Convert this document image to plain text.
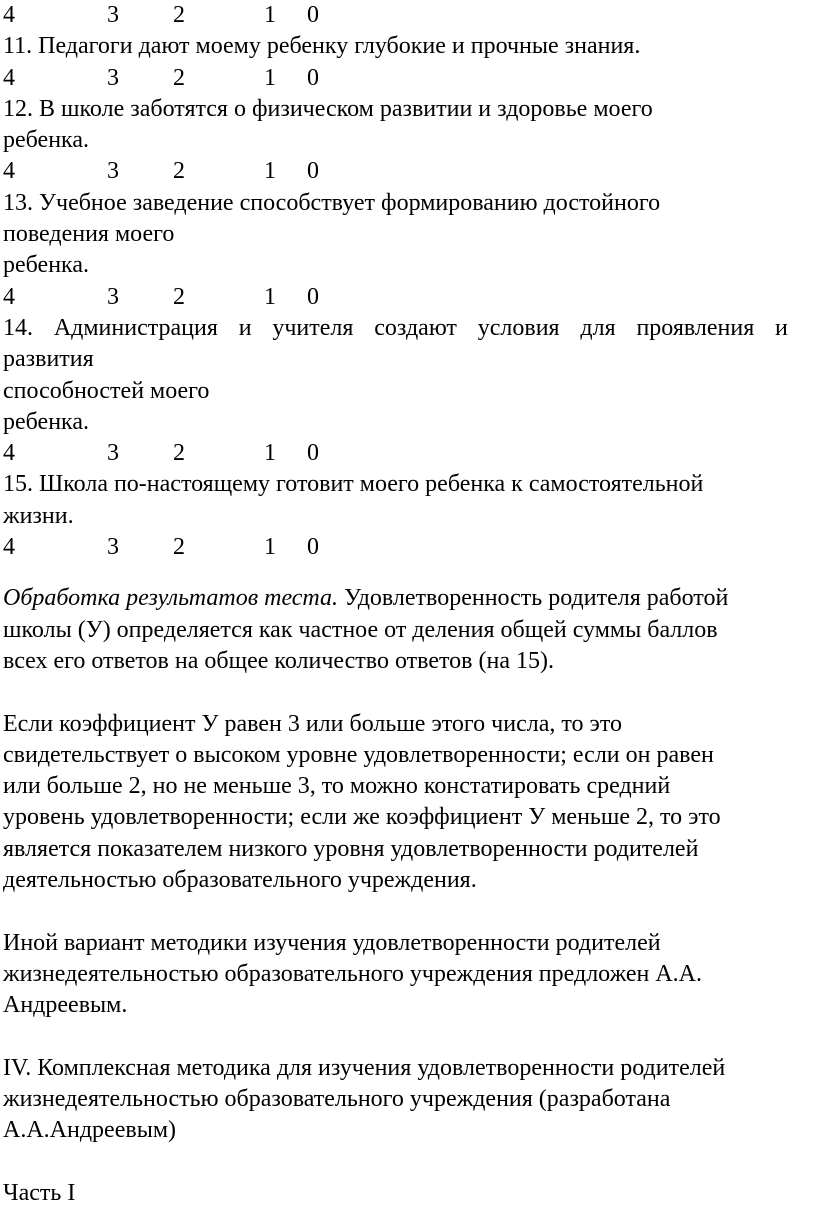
4	3 2	1 0
11. Педагоги дают моему ребенку глубокие и прочные знания.
4	3 2	1 0
12. В школе заботятся о физическом развитии и здоровье моего
ребенка.
4	3 2	1 0
13. Учебное заведение способствует формированию достойного
поведения моего
ребенка.
4	3 2	1 0
14. Администрация и учителя создают условия для проявления и
развития
способностей моего
ребенка.
4	3 2	1 0
15. Школа по-настоящему готовит моего ребенка к самостоятельной
жизни.
4	3 2	1 0
Обработка результатов теста. Удовлетворенность родителя работой
школы (У) определяется как частное от деления общей суммы баллов
всех его ответов на общее количество ответов (на 15).
Если коэффициент У равен 3 или больше этого числа, то это
свидетельствует о высоком уровне удовлетворенности; если он равен
или больше 2, но не меньше 3, то можно констатировать средний
уровень удовлетворенности; если же коэффициент У меньше 2, то это
является показателем низкого уровня удовлетворенности родителей
деятельностью образовательного учреждения.
Иной вариант методики изучения удовлетворенности родителей
жизнедеятельностью образовательного учреждения предложен А.А.
Андреевым.
IV. Комплексная методика для изучения удовлетворенности родителей
жизнедеятельностью образовательного учреждения (разработана
А.А.Андреевым)
Часть I
